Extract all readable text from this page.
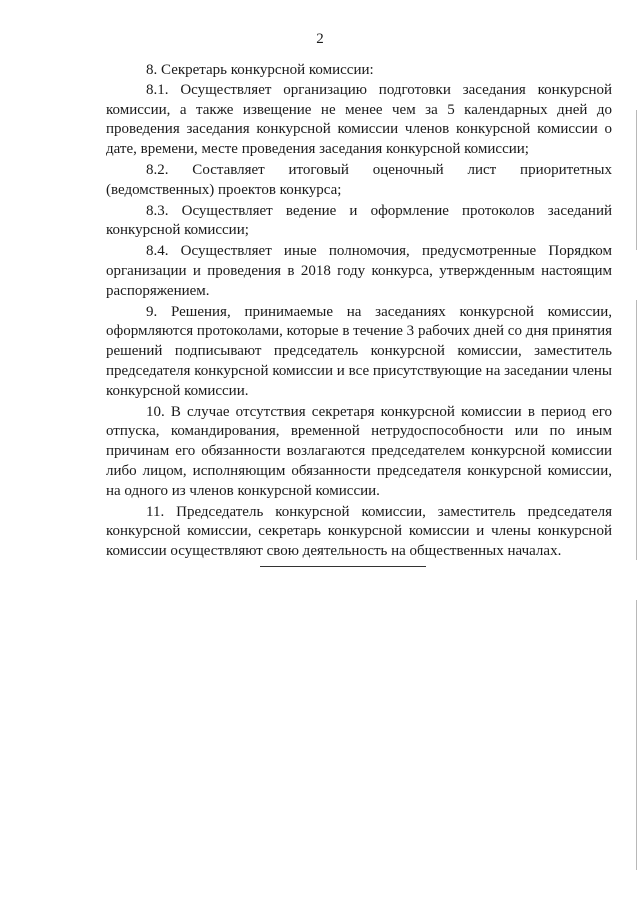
2

8. Секретарь конкурсной комиссии:

8.1. Осуществляет организацию подготовки заседания конкурсной комиссии, а также извещение не менее чем за 5 календарных дней до проведения заседания конкурсной комиссии членов конкурсной комиссии о дате, времени, месте проведения заседания конкурсной комиссии;

8.2. Составляет итоговый оценочный лист приоритетных (ведомственных) проектов конкурса;

8.3. Осуществляет ведение и оформление протоколов заседаний конкурсной комиссии;

8.4. Осуществляет иные полномочия, предусмотренные Порядком организации и проведения в 2018 году конкурса, утвержденным настоящим распоряжением.

9. Решения, принимаемые на заседаниях конкурсной комиссии, оформляются протоколами, которые в течение 3 рабочих дней со дня принятия решений подписывают председатель конкурсной комиссии, заместитель председателя конкурсной комиссии и все присутствующие на заседании члены конкурсной комиссии.

10. В случае отсутствия секретаря конкурсной комиссии в период его отпуска, командирования, временной нетрудоспособности или по иным причинам его обязанности возлагаются председателем конкурсной комиссии либо лицом, исполняющим обязанности председателя конкурсной комиссии, на одного из членов конкурсной комиссии.

11. Председатель конкурсной комиссии, заместитель председателя конкурсной комиссии, секретарь конкурсной комиссии и члены конкурсной комиссии осуществляют свою деятельность на общественных началах.
